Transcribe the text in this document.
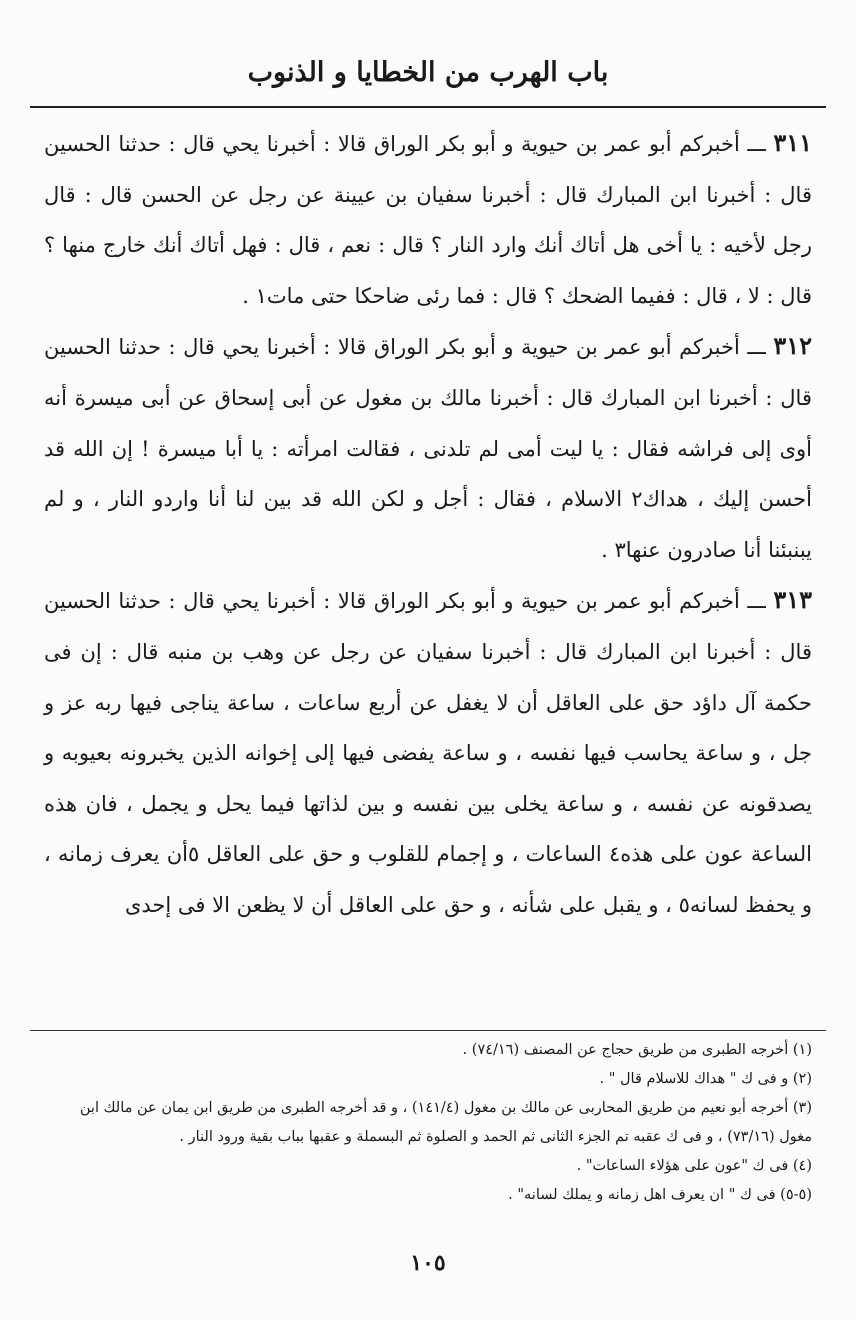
باب الهرب من الخطايا و الذنوب

٣١١ ـــ أخبركم أبو عمر بن حيوية و أبو بكر الوراق قالا : أخبرنا يحي قال : حدثنا الحسين قال : أخبرنا ابن المبارك قال : أخبرنا سفيان بن عيينة عن رجل عن الحسن قال : قال رجل لأخيه : يا أخى هل أتاك أنك وارد النار ؟ قال : نعم ، قال : فهل أتاك أنك خارج منها ؟ قال : لا ، قال : ففيما الضحك ؟ قال : فما رئى ضاحكا حتى مات١ .

٣١٢ ـــ أخبركم أبو عمر بن حيوية و أبو بكر الوراق قالا : أخبرنا يحي قال : حدثنا الحسين قال : أخبرنا ابن المبارك قال : أخبرنا مالك بن مغول عن أبى إسحاق عن أبى ميسرة أنه أوى إلى فراشه فقال : يا ليت أمى لم تلدنى ، فقالت امرأته : يا أبا ميسرة ! إن الله قد أحسن إليك ، هداك٢ الاسلام ، فقال : أجل و لكن الله قد بين لنا أنا واردو النار ، و لم يبنبئنا أنا صادرون عنها٣ .

٣١٣ ـــ أخبركم أبو عمر بن حيوية و أبو بكر الوراق قالا : أخبرنا يحي قال : حدثنا الحسين قال : أخبرنا ابن المبارك قال : أخبرنا سفيان عن رجل عن وهب بن منبه قال : إن فى حكمة آل داؤد حق على العاقل أن لا يغفل عن أربع ساعات ، ساعة يناجى فيها ربه عز و جل ، و ساعة يحاسب فيها نفسه ، و ساعة يفضى فيها إلى إخوانه الذين يخبرونه بعيوبه و يصدقونه عن نفسه ، و ساعة يخلى بين نفسه و بين لذاتها فيما يحل و يجمل ، فان هذه الساعة عون على هذه٤ الساعات ، و إجمام للقلوب و حق على العاقل ٥أن يعرف زمانه ، و يحفظ لسانه٥ ، و يقبل على شأنه ، و حق على العاقل أن لا يظعن الا فى إحدى

(١) أخرجه الطبرى من طريق حجاج عن المصنف (٧٤/١٦) .

(٢) و فى ك " هداك للاسلام قال " .

(٣) أخرجه أبو نعيم من طريق المحاربى عن مالك بن مغول (١٤١/٤) ، و قد أخرجه الطبرى من طريق ابن يمان عن مالك ابن مغول (٧٣/١٦) ، و فى ك عقبه تم الجزء الثانى ثم الحمد و الصلوة ثم البسملة و عقبها بباب بقية ورود النار .

(٤) فى ك "عون على هؤلاء الساعات" .

(٥-٥) فى ك " ان يعرف اهل زمانه و يملك لسانه" .

١٠٥
